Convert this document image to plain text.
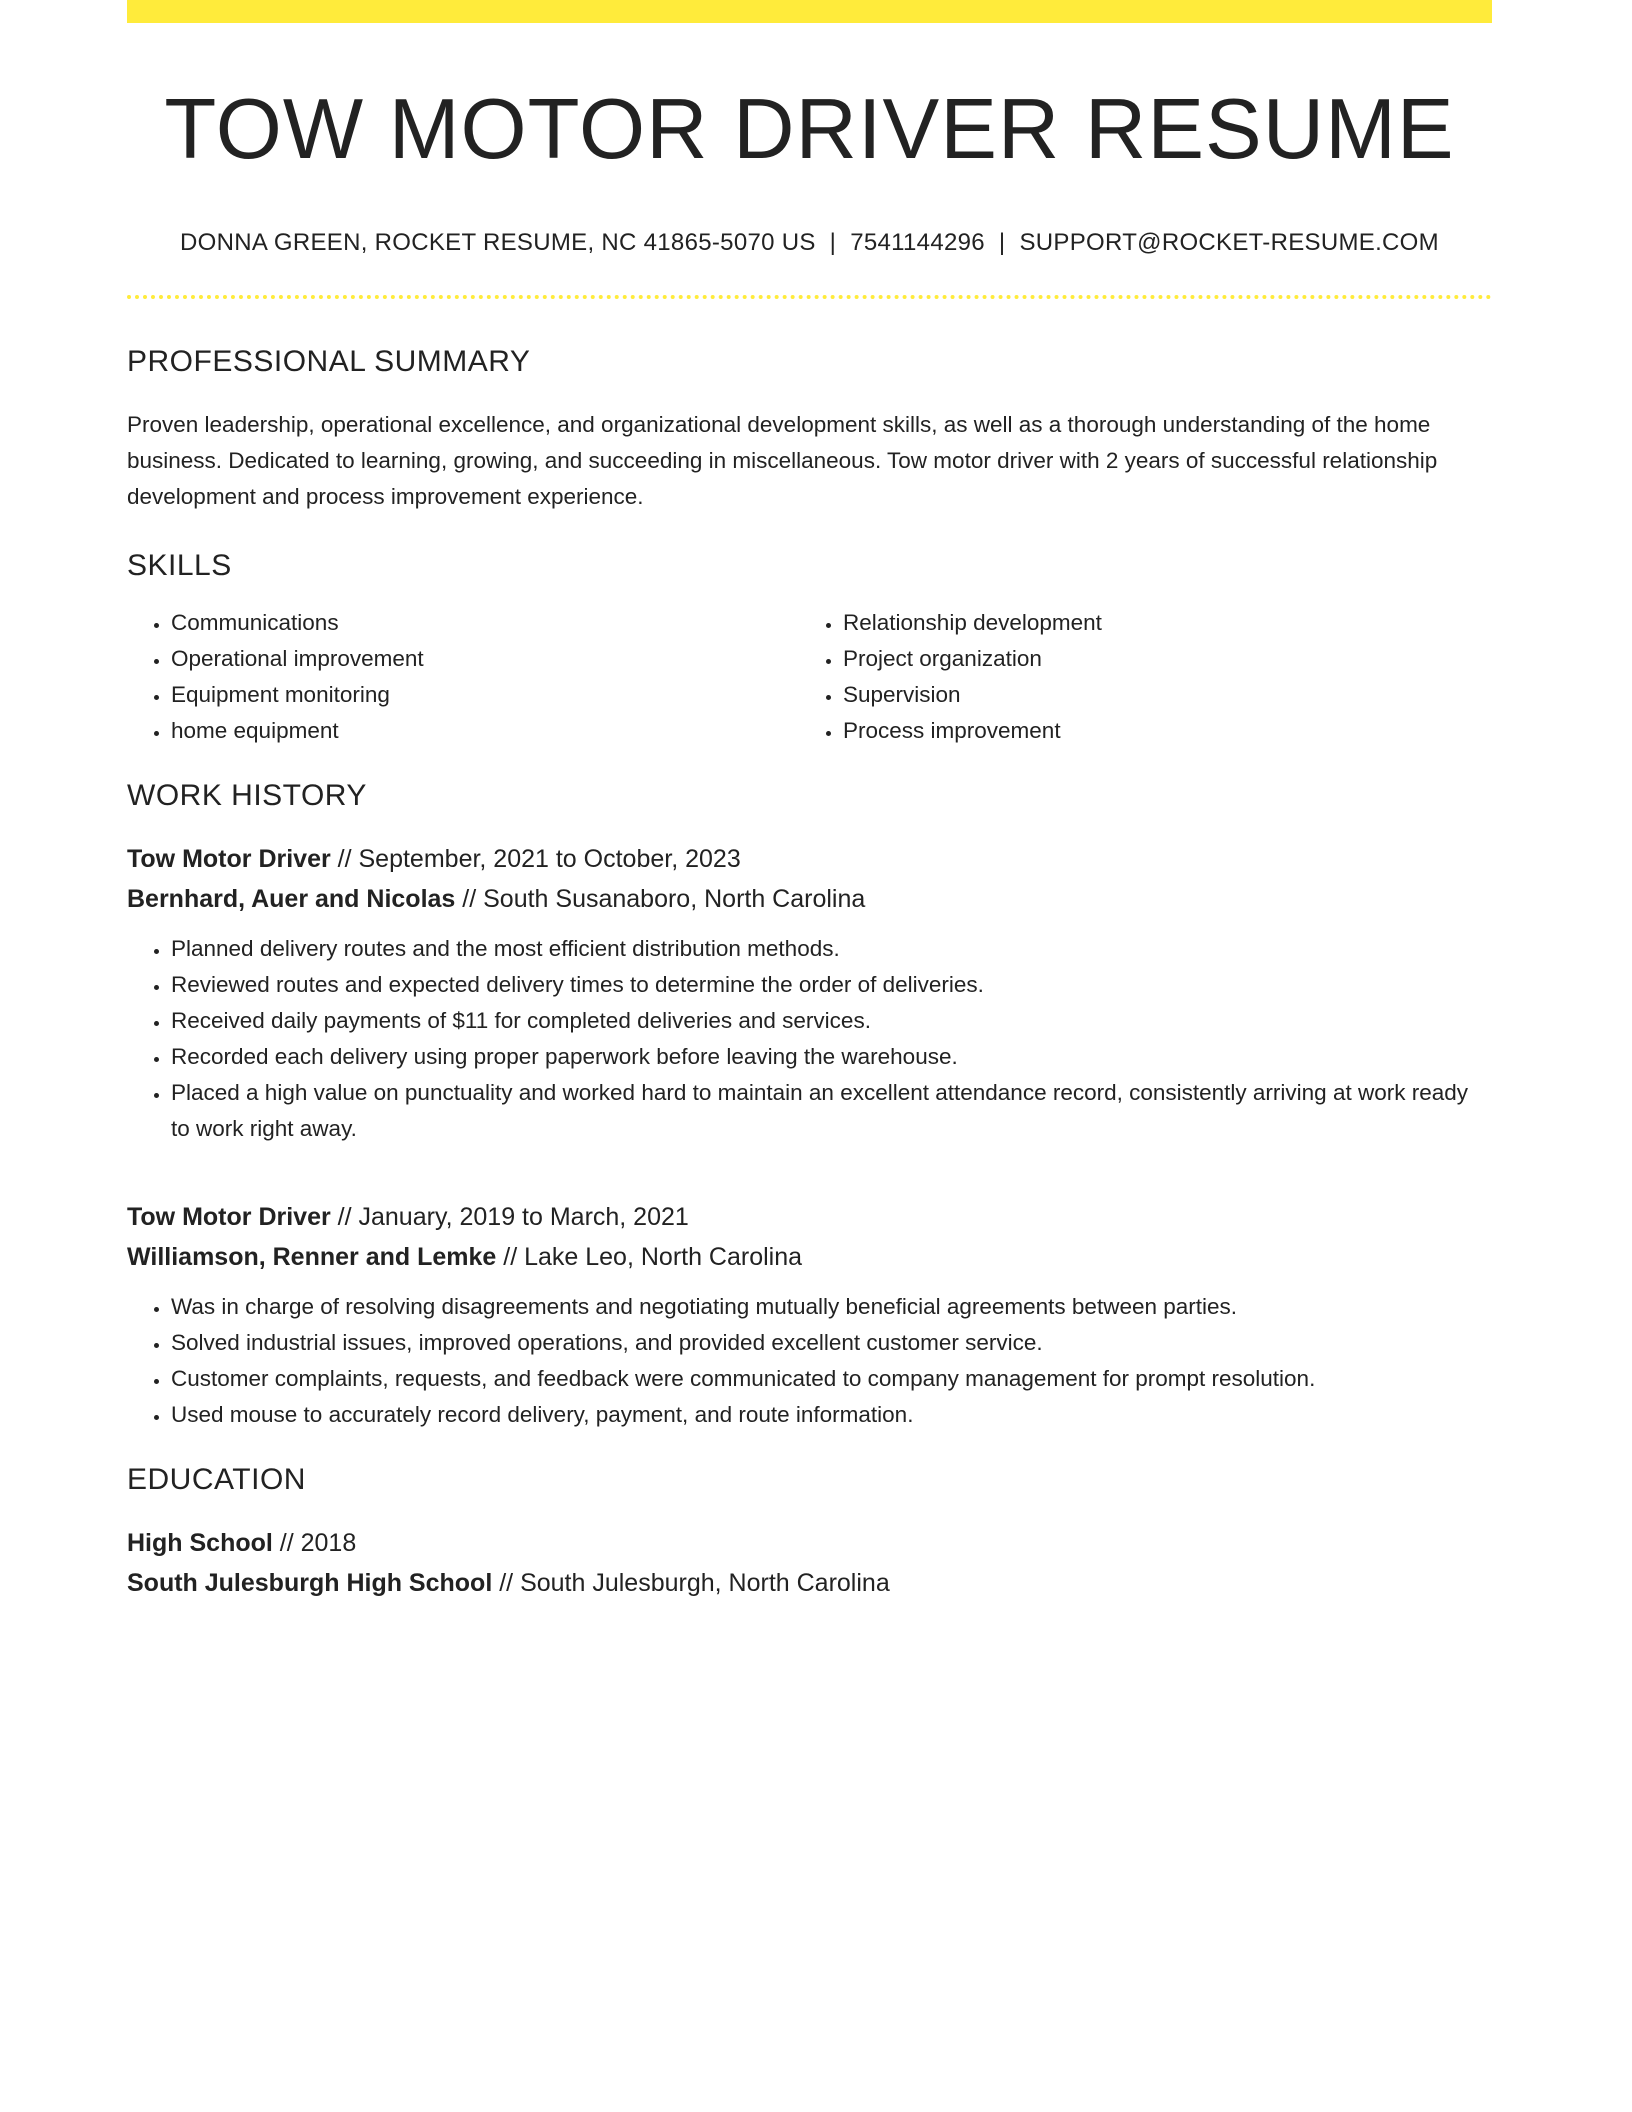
TOW MOTOR DRIVER RESUME
DONNA GREEN, ROCKET RESUME, NC 41865-5070 US | 7541144296 | SUPPORT@ROCKET-RESUME.COM
PROFESSIONAL SUMMARY

Proven leadership, operational excellence, and organizational development skills, as well as a thorough understanding of the home business. Dedicated to learning, growing, and succeeding in miscellaneous. Tow motor driver with 2 years of successful relationship development and process improvement experience.

SKILLS
• Communications
• Operational improvement
• Equipment monitoring
• home equipment
• Relationship development
• Project organization
• Supervision
• Process improvement
WORK HISTORY
Tow Motor Driver // September, 2021 to October, 2023
Bernhard, Auer and Nicolas // South Susanaboro, North Carolina
• Planned delivery routes and the most efficient distribution methods.
• Reviewed routes and expected delivery times to determine the order of deliveries.
• Received daily payments of $11 for completed deliveries and services.
• Recorded each delivery using proper paperwork before leaving the warehouse.
• Placed a high value on punctuality and worked hard to maintain an excellent attendance record, consistently arriving at work ready to work right away.
Tow Motor Driver // January, 2019 to March, 2021
Williamson, Renner and Lemke // Lake Leo, North Carolina
• Was in charge of resolving disagreements and negotiating mutually beneficial agreements between parties.
• Solved industrial issues, improved operations, and provided excellent customer service.
• Customer complaints, requests, and feedback were communicated to company management for prompt resolution.
• Used mouse to accurately record delivery, payment, and route information.
EDUCATION
High School // 2018
South Julesburgh High School // South Julesburgh, North Carolina
